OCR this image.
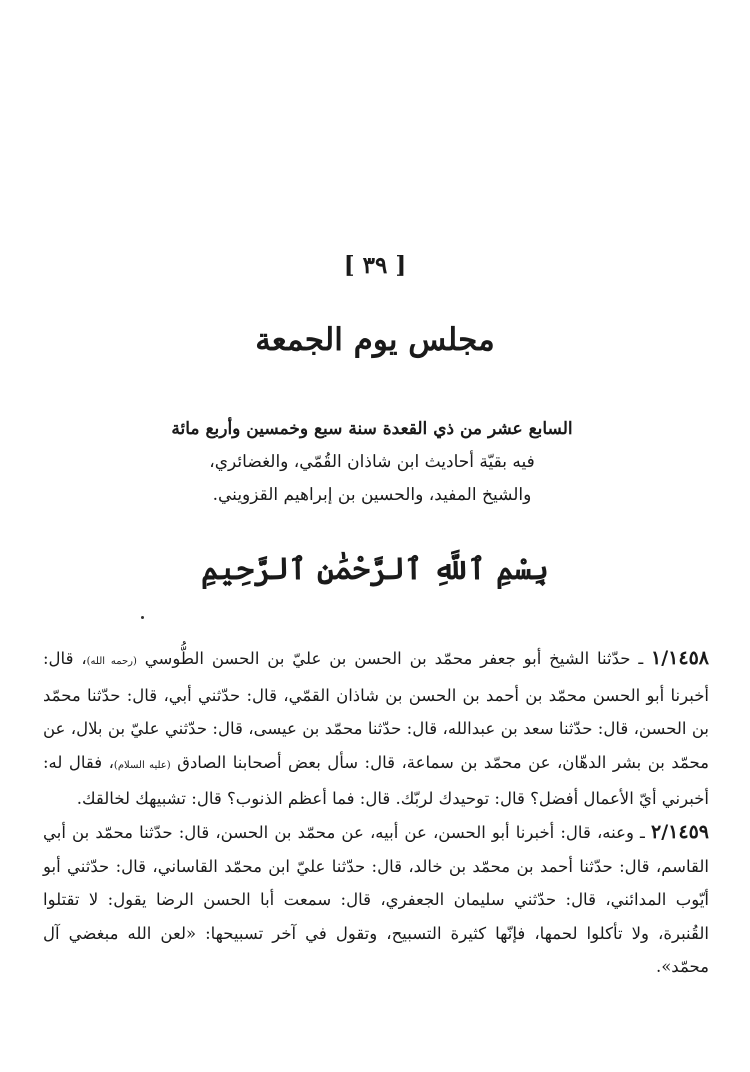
[ ٣٩ ]
مجلس يوم الجمعة
السابع عشر من ذي القعدة سنة سبع وخمسين وأربع مائة
فيه بقيّة أحاديث ابن شاذان القُمّي، والغضائري،
والشيخ المفيد، والحسين بن إبراهيم القزويني.
بِسْمِ ٱللَّهِ ٱلرَّحْمَٰنِ ٱلرَّحِيمِ

١/١٤٥٨ ـ حدّثنا الشيخ أبو جعفر محمّد بن الحسن بن عليّ بن الحسن الطُّوسي (رحمه الله)، قال: أخبرنا أبو الحسن محمّد بن أحمد بن الحسن بن شاذان القمّي، قال: حدّثني أبي، قال: حدّثنا محمّد بن الحسن، قال: حدّثنا سعد بن عبدالله، قال: حدّثنا محمّد بن عيسى، قال: حدّثني عليّ بن بلال، عن محمّد بن بشر الدهّان، عن محمّد بن سماعة، قال: سأل بعض أصحابنا الصادق (عليه السلام)، فقال له: أخبرني أيّ الأعمال أفضل؟ قال: توحيدك لربّك. قال: فما أعظم الذنوب؟ قال: تشبيهك لخالقك.

٢/١٤٥٩ ـ وعنه، قال: أخبرنا أبو الحسن، عن أبيه، عن محمّد بن الحسن، قال: حدّثنا محمّد بن أبي القاسم، قال: حدّثنا أحمد بن محمّد بن خالد، قال: حدّثنا عليّ ابن محمّد القاساني، قال: حدّثني أبو أيّوب المدائني، قال: حدّثني سليمان الجعفري، قال: سمعت أبا الحسن الرضا يقول: لا تقتلوا القُنبرة، ولا تأكلوا لحمها، فإنّها كثيرة التسبيح، وتقول في آخر تسبيحها: «لعن الله مبغضي آل محمّد».
